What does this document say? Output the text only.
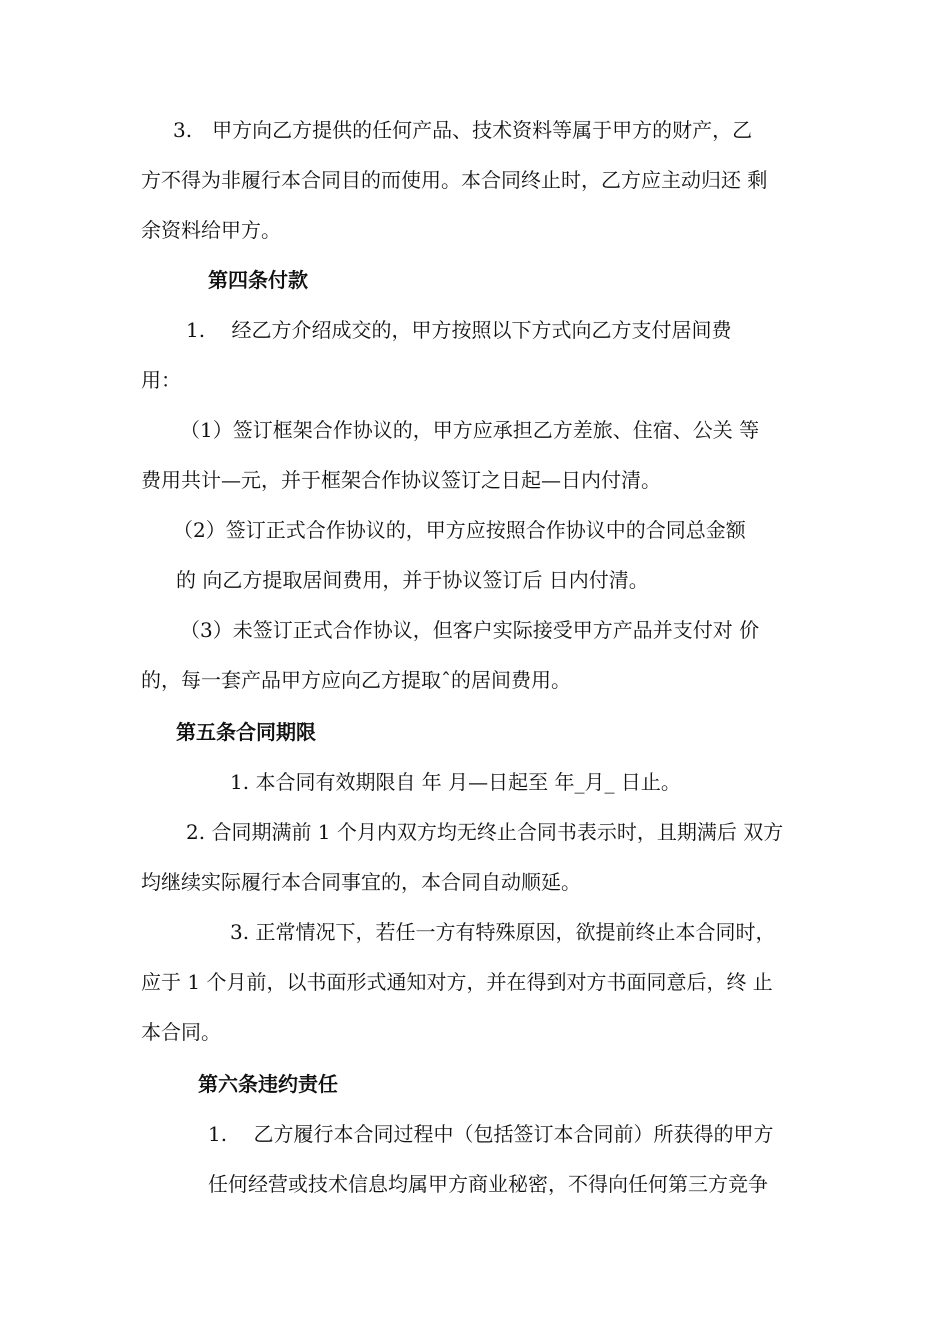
3.　甲方向乙方提供的任何产品、技术资料等属于甲方的财产，乙
方不得为非履行本合同目的而使用。本合同终止时，乙方应主动归还 剩
余资料给甲方。
第四条付款
1.　 经乙方介绍成交的，甲方按照以下方式向乙方支付居间费
用：
（1）签订框架合作协议的，甲方应承担乙方差旅、住宿、公关 等
费用共计—元，并于框架合作协议签订之日起—日内付清。
（2）签订正式合作协议的，甲方应按照合作协议中的合同总金额
的 向乙方提取居间费用，并于协议签订后 日内付清。
（3）未签订正式合作协议，但客户实际接受甲方产品并支付对 价
的，每一套产品甲方应向乙方提取ˆ的居间费用。
第五条合同期限
1. 本合同有效期限自 年 月—日起至 年_月_ 日止。
2. 合同期满前 1 个月内双方均无终止合同书表示时，且期满后 双方
均继续实际履行本合同事宜的，本合同自动顺延。
3. 正常情况下，若任一方有特殊原因，欲提前终止本合同时，
应于 1 个月前，以书面形式通知对方，并在得到对方书面同意后，终 止
本合同。
第六条违约责任
1.　 乙方履行本合同过程中（包括签订本合同前）所获得的甲方
任何经营或技术信息均属甲方商业秘密，不得向任何第三方竞争
